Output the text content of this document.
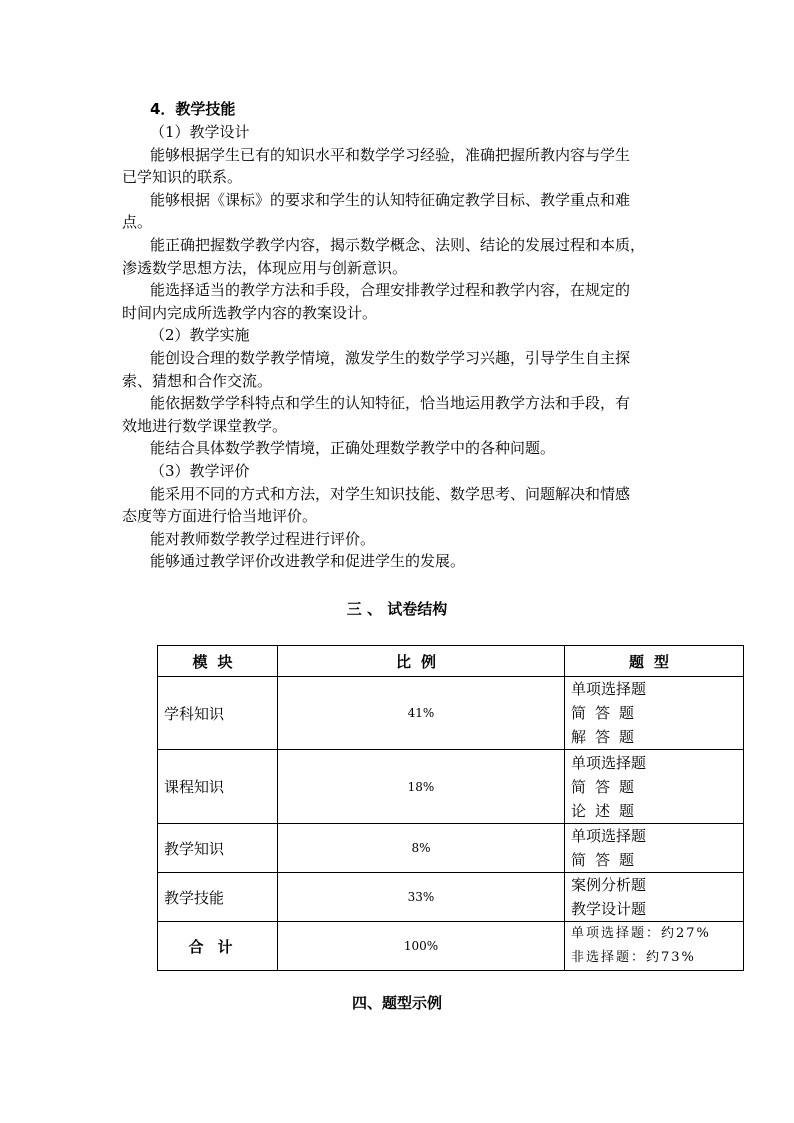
4．教学技能
（1）教学设计
能够根据学生已有的知识水平和数学学习经验，准确把握所教内容与学生
已学知识的联系。
能够根据《课标》的要求和学生的认知特征确定教学目标、教学重点和难
点。
能正确把握数学教学内容，揭示数学概念、法则、结论的发展过程和本质，
渗透数学思想方法，体现应用与创新意识。
能选择适当的教学方法和手段，合理安排教学过程和教学内容，在规定的
时间内完成所选教学内容的教案设计。
（2）教学实施
能创设合理的数学教学情境，激发学生的数学学习兴趣，引导学生自主探
索、猜想和合作交流。
能依据数学学科特点和学生的认知特征，恰当地运用教学方法和手段，有
效地进行数学课堂教学。
能结合具体数学教学情境，正确处理数学教学中的各种问题。
（3）教学评价
能采用不同的方式和方法，对学生知识技能、数学思考、问题解决和情感
态度等方面进行恰当地评价。
能对教师数学教学过程进行评价。
能够通过教学评价改进教学和促进学生的发展。
三 、 试卷结构
模块	比例	题型
学科知识	41%	单项选择题
简答题
解答题

课程知识	18%	单项选择题
简答题
论述题

教学知识	8%	单项选择题
简答题

教学技能	33%	案例分析题
教学设计题

合计	100%	单项选择题：约27%
非选择题：约73%
四、题型示例
